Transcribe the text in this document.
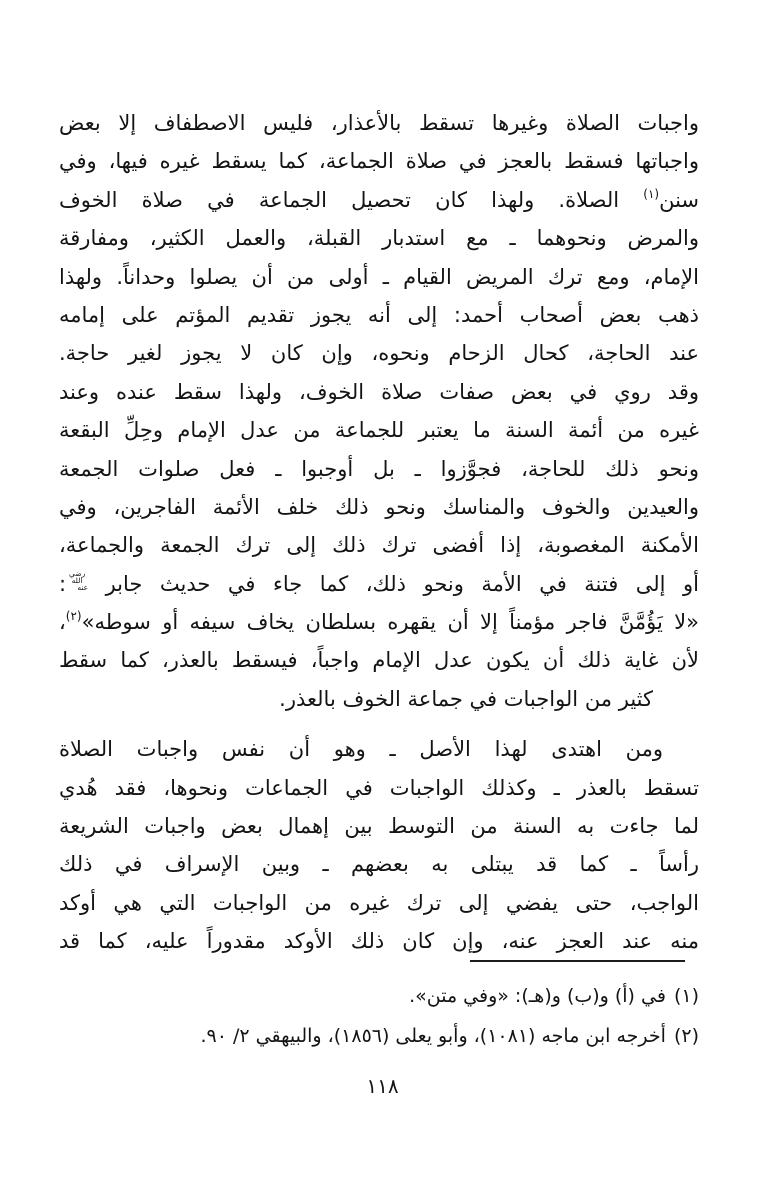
واجبات الصلاة وغيرها تسقط بالأعذار، فليس الاصطفاف إلا بعض
واجباتها فسقط بالعجز في صلاة الجماعة، كما يسقط غيره فيها، وفي
سنن$^{(١)}$ الصلاة. ولهذا كان تحصيل الجماعة في صلاة الخوف
والمرض ونحوهما ـ مع استدبار القبلة، والعمل الكثير، ومفارقة
الإمام، ومع ترك المريض القيام ـ أولى من أن يصلوا وحداناً. ولهذا
ذهب بعض أصحاب أحمد: إلى أنه يجوز تقديم المؤتم على إمامه
عند الحاجة، كحال الزحام ونحوه، وإن كان لا يجوز لغير حاجة.
وقد روي في بعض صفات صلاة الخوف، ولهذا سقط عنده وعند
غيره من أئمة السنة ما يعتبر للجماعة من عدل الإمام وحِلِّ البقعة
ونحو ذلك للحاجة، فجوَّزوا ـ بل أوجبوا ـ فعل صلوات الجمعة
والعيدين والخوف والمناسك ونحو ذلك خلف الأئمة الفاجرين، وفي
الأمكنة المغصوبة، إذا أفضى ترك ذلك إلى ترك الجمعة والجماعة،
أو إلى فتنة في الأمة ونحو ذلك، كما جاء في حديث جابر رضي الله عنه:
«لا يَؤُمَّنَّ فاجر مؤمناً إلا أن يقهره بسلطان يخاف سيفه أو سوطه»$^{(٢)}$،
لأن غاية ذلك أن يكون عدل الإمام واجباً، فيسقط بالعذر، كما سقط
كثير من الواجبات في جماعة الخوف بالعذر.
ومن اهتدى لهذا الأصل ـ وهو أن نفس واجبات الصلاة
تسقط بالعذر ـ وكذلك الواجبات في الجماعات ونحوها، فقد هُدي
لما جاءت به السنة من التوسط بين إهمال بعض واجبات الشريعة
رأساً ـ كما قد يبتلى به بعضهم ـ وبين الإسراف في ذلك
الواجب، حتى يفضي إلى ترك غيره من الواجبات التي هي أوكد
منه عند العجز عنه، وإن كان ذلك الأوكد مقدوراً عليه، كما قد
(١)في (أ) و(ب) و(هـ): «وفي متن».
(٢)أخرجه ابن ماجه (١٠٨١)، وأبو يعلى (١٨٥٦)، والبيهقي ٢/ ٩٠.
١١٨
